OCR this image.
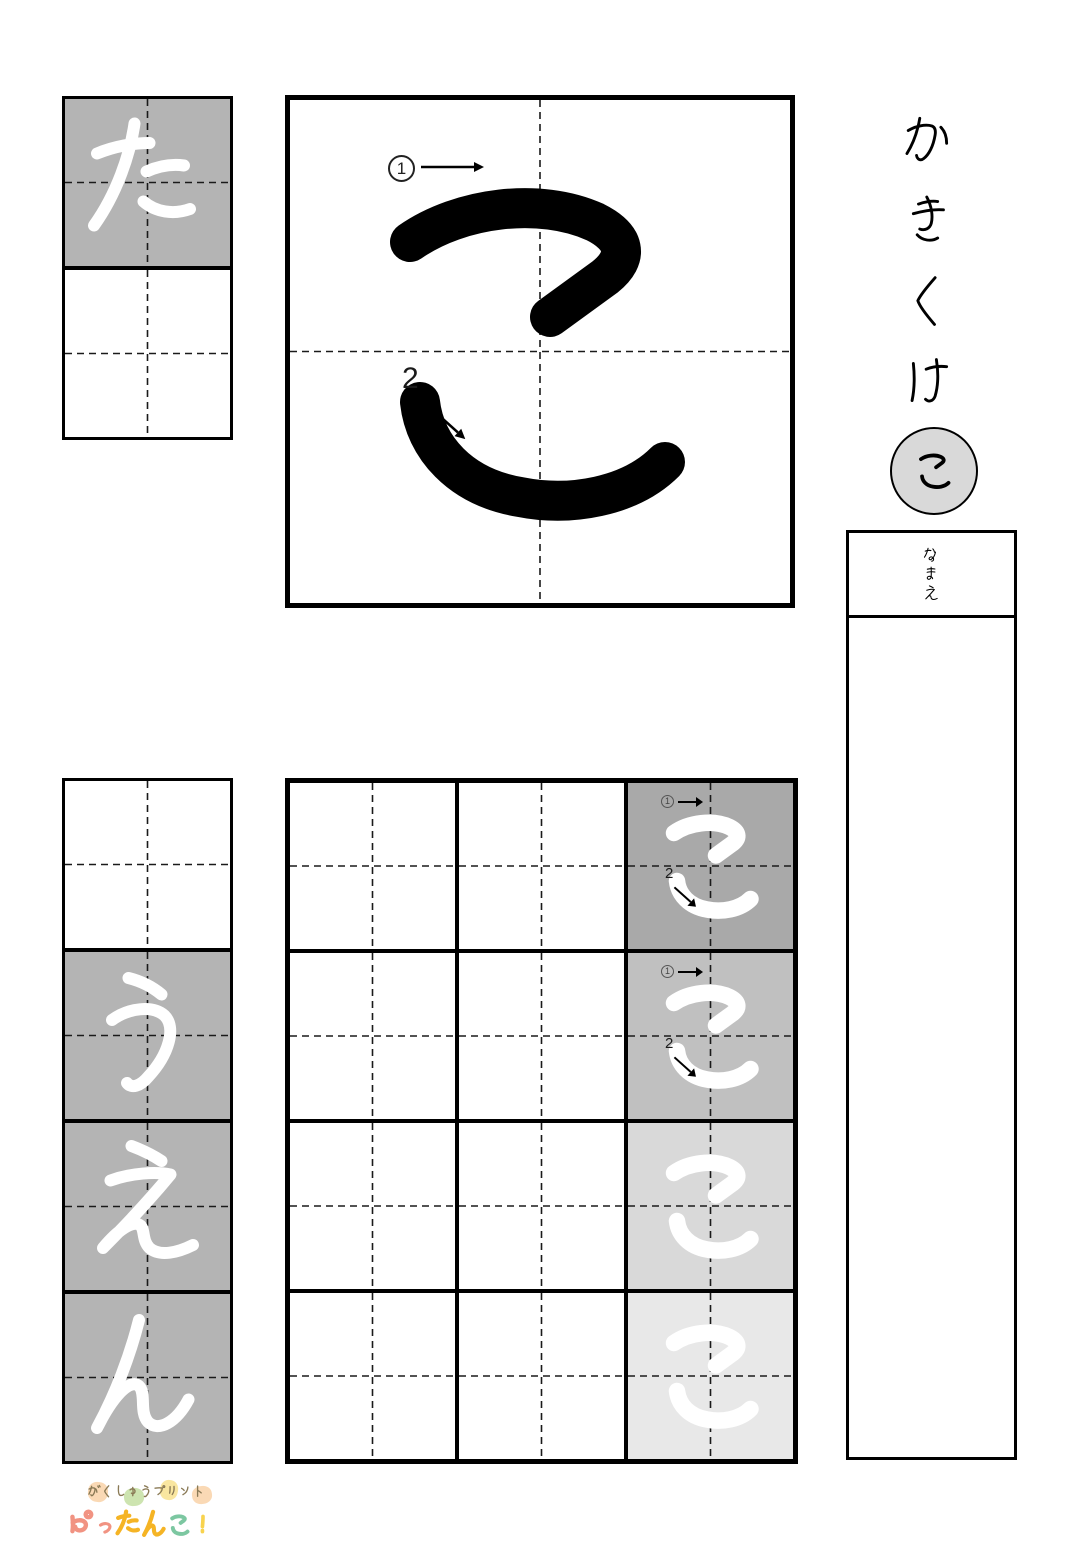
1
2
1
2
1
2
